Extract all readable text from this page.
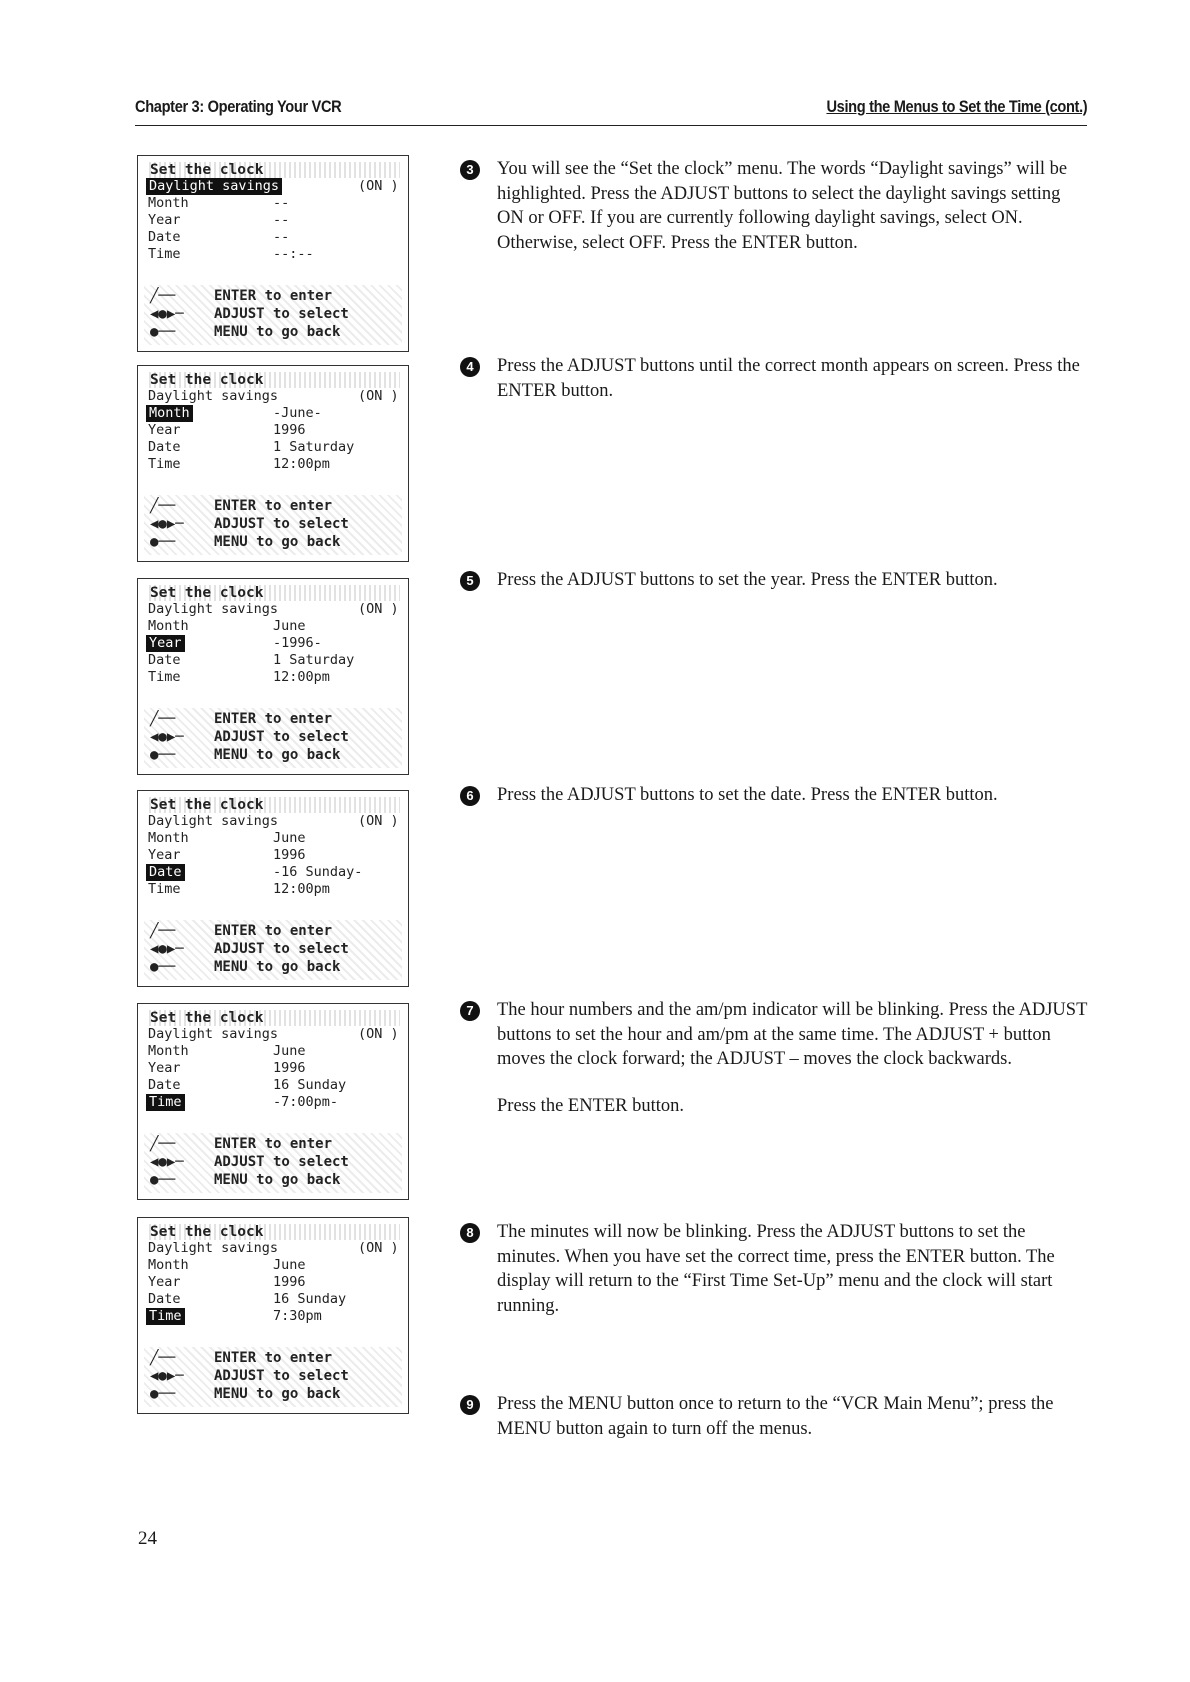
Chapter 3: Operating Your VCR	Using the Menus to Set the Time (cont.)
Set the clock
Daylight savings	(ON )
Month	--
Year	--
Date	--
Time	--:--
╱──	ENTER to enter
◀●▶─ ADJUST to select
●──	MENU to go back
Set the clock
Daylight savings	(ON )
Month	-June-
Year	1996
Date	1 Saturday
Time	12:00pm
╱──	ENTER to enter
◀●▶─ ADJUST to select
●──	MENU to go back
Set the clock
Daylight savings	(ON )
Month	June
Year	-1996-
Date	1 Saturday
Time	12:00pm
╱──	ENTER to enter
◀●▶─ ADJUST to select
●──	MENU to go back
Set the clock
Daylight savings	(ON )
Month	June
Year	1996
Date	-16 Sunday-
Time	12:00pm
╱──	ENTER to enter
◀●▶─ ADJUST to select
●──	MENU to go back
Set the clock
Daylight savings	(ON )
Month	June
Year	1996
Date	16 Sunday
Time	-7:00pm-
╱──	ENTER to enter
◀●▶─ ADJUST to select
●──	MENU to go back
Set the clock
Daylight savings	(ON )
Month	June
Year	1996
Date	16 Sunday
Time	7:30pm
╱──	ENTER to enter
◀●▶─ ADJUST to select
●──	MENU to go back
3	You will see the “Set the clock” menu. The words “Daylight savings” will be highlighted. Press the ADJUST buttons to select the daylight savings setting ON or OFF. If you are currently following daylight savings, select ON. Otherwise, select OFF. Press the ENTER button.

4	Press the ADJUST buttons until the correct month appears on screen. Press the ENTER button.

5	Press the ADJUST buttons to set the year. Press the ENTER button.

6	Press the ADJUST buttons to set the date. Press the ENTER button.

7	The hour numbers and the am/pm indicator will be blinking. Press the ADJUST buttons to set the hour and am/pm at the same time. The ADJUST + button moves the clock forward; the ADJUST – moves the clock backwards.

Press the ENTER button.

8	The minutes will now be blinking. Press the ADJUST buttons to set the minutes. When you have set the correct time, press the ENTER button. The display will return to the “First Time Set-Up” menu and the clock will start running.

9	Press the MENU button once to return to the “VCR Main Menu”; press the MENU button again to turn off the menus.

24
